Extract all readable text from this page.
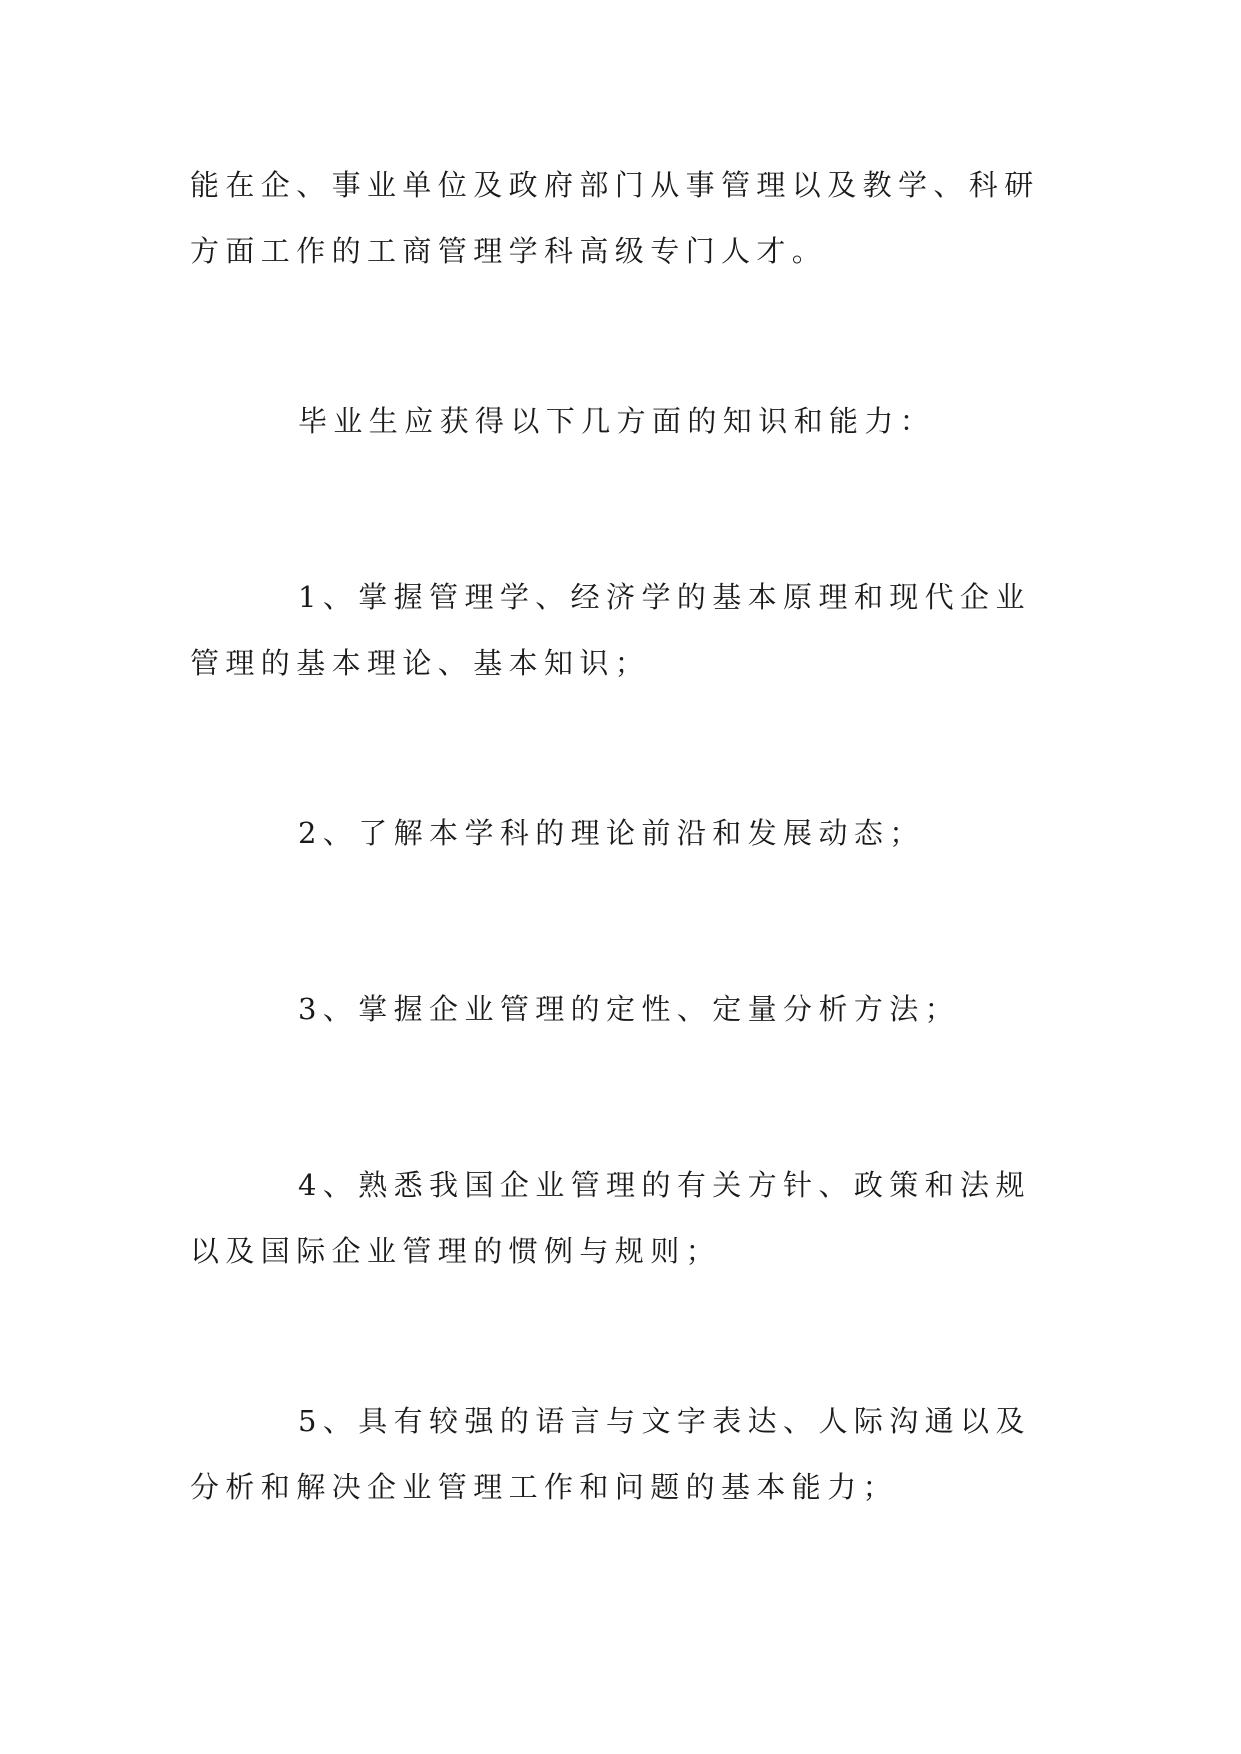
能在企、事业单位及政府部门从事管理以及教学、科研方面工作的工商管理学科高级专门人才。

毕业生应获得以下几方面的知识和能力：

1、掌握管理学、经济学的基本原理和现代企业管理的基本理论、基本知识；

2、了解本学科的理论前沿和发展动态；

3、掌握企业管理的定性、定量分析方法；

4、熟悉我国企业管理的有关方针、政策和法规以及国际企业管理的惯例与规则；

5、具有较强的语言与文字表达、人际沟通以及分析和解决企业管理工作和问题的基本能力；
